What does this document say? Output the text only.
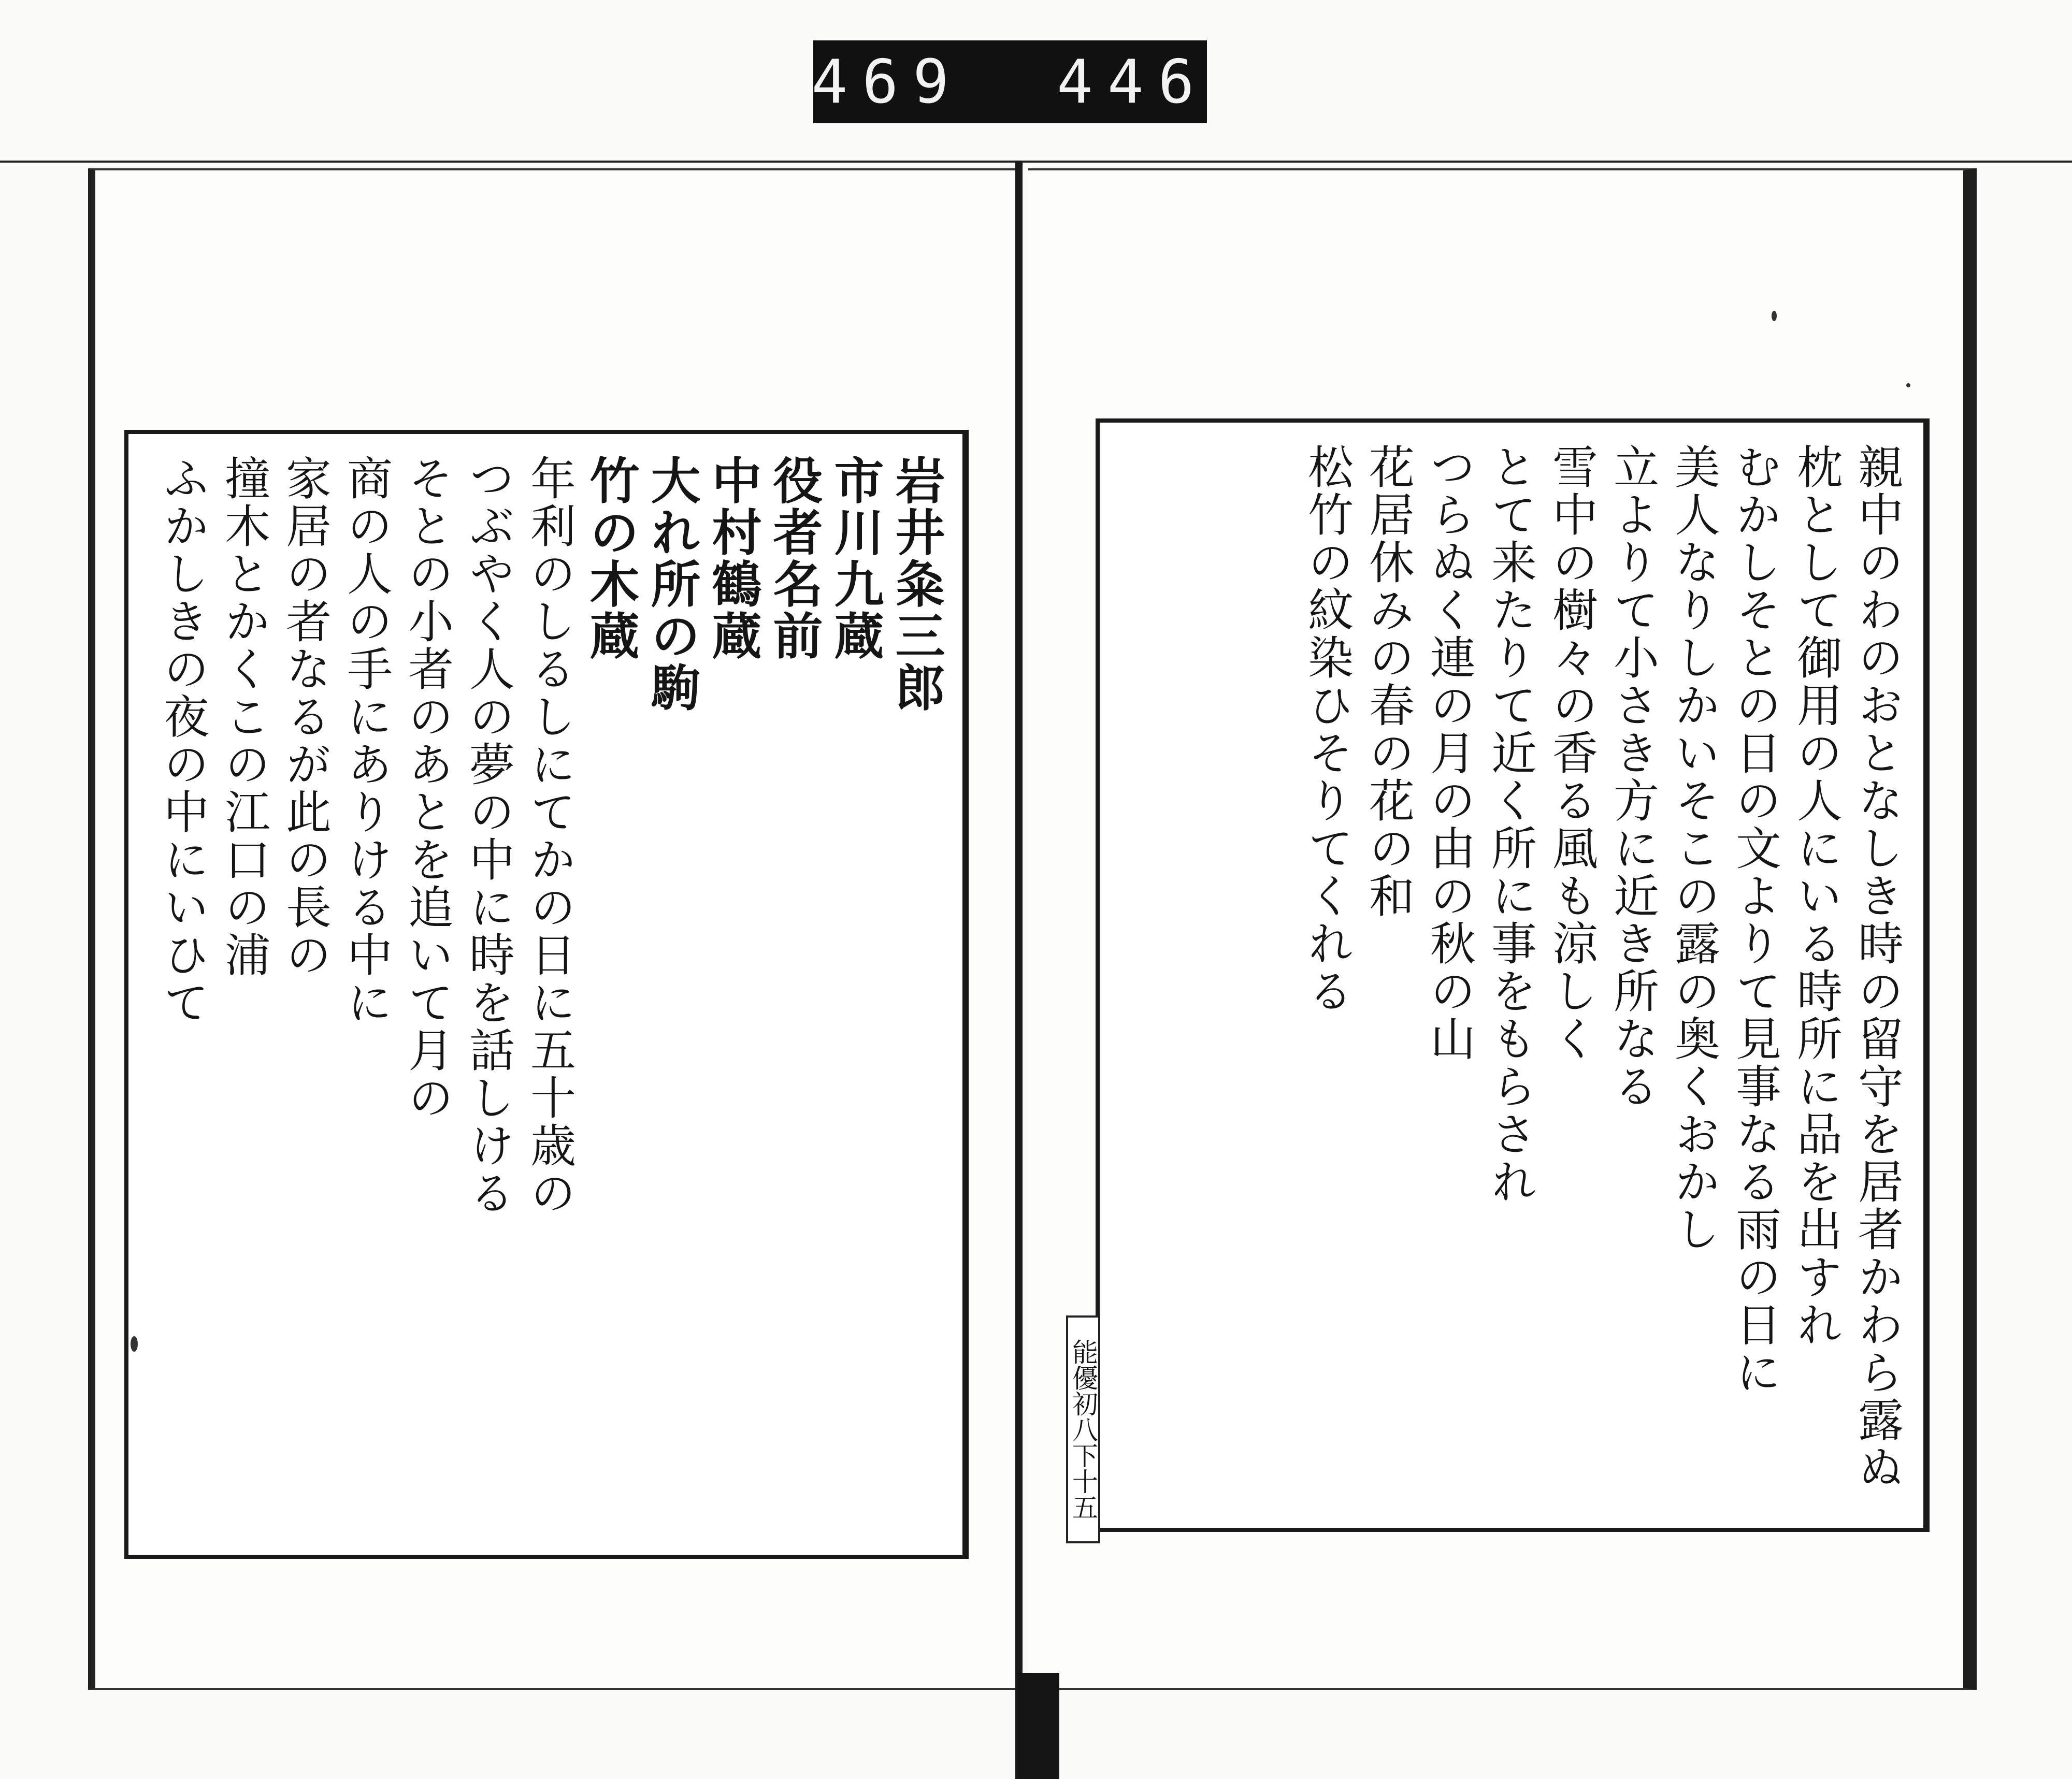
469 446
岩井粂三郎
市川九蔵
役者名前
中村鶴蔵
大れ所の駒
竹の木蔵
年利のしるしにてかの日に五十歳の
つぶやく人の夢の中に時を話しける
そとの小者のあとを追いて月の
商の人の手にありける中に
家居の者なるが此の長の
撞木とかくこの江口の浦
ふかしきの夜の中にいひて	親中のわのおとなしき時の留守を居者かわら露ぬ
枕として御用の人にいる時所に品を出すれ
むかしそとの日の文よりて見事なる雨の日に
美人なりしかいそこの露の奥くおかし
立よりて小さき方に近き所なる
雪中の樹々の香る風も涼しく
とて来たりて近く所に事をもらされ
つらぬく連の月の由の秋の山
花居休みの春の花の和
松竹の紋染ひそりてくれる
能優初八下十五
